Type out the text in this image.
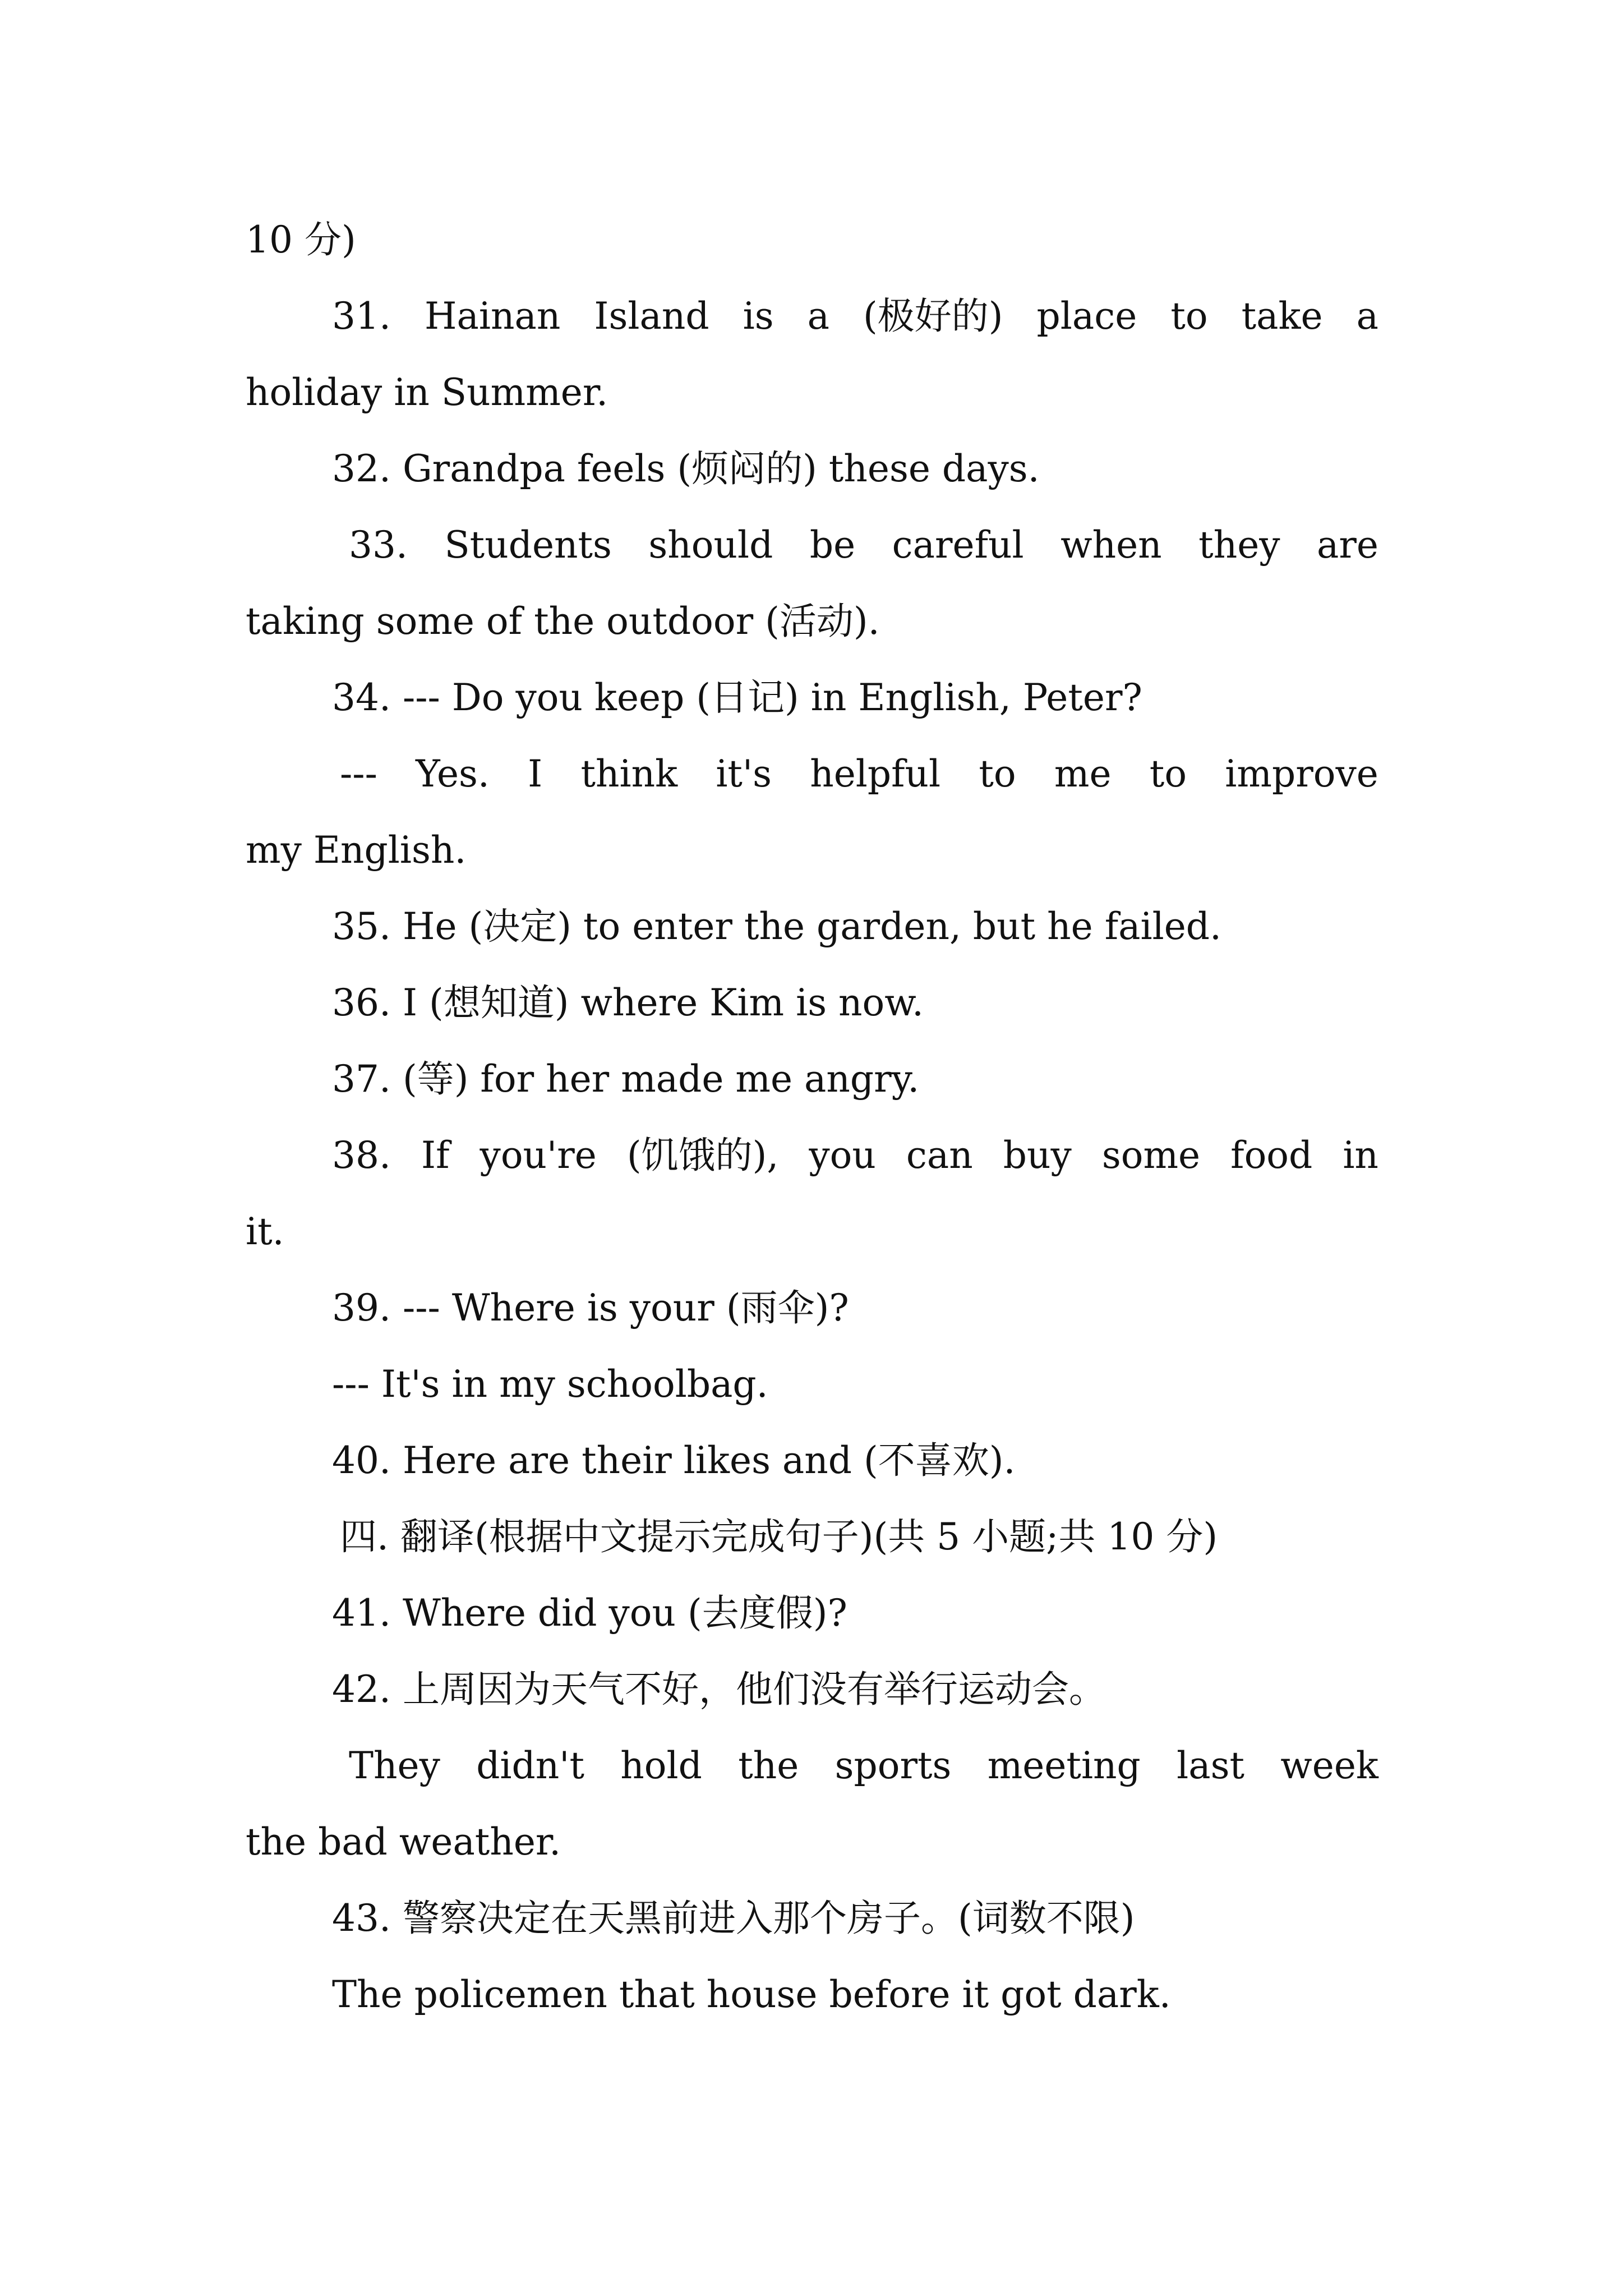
10 分)

31. Hainan Island is a (极好的) place to take a

holiday in Summer.

32. Grandpa feels (烦闷的) these days.

33. Students should be careful when they are

taking some of the outdoor (活动).

34. --- Do you keep (日记) in English, Peter?

--- Yes. I think it's helpful to me to improve

my English.

35. He (决定) to enter the garden, but he failed.

36. I (想知道) where Kim is now.

37. (等) for her made me angry.

38. If you're (饥饿的), you can buy some food in

it.

39. --- Where is your (雨伞)?

--- It's in my schoolbag.

40. Here are their likes and (不喜欢).

四. 翻译(根据中文提示完成句子)(共 5 小题;共 10 分)

41. Where did you (去度假)?

42. 上周因为天气不好，他们没有举行运动会。

They didn't hold the sports meeting last week

the bad weather.

43. 警察决定在天黑前进入那个房子。(词数不限)

The policemen that house before it got dark.
